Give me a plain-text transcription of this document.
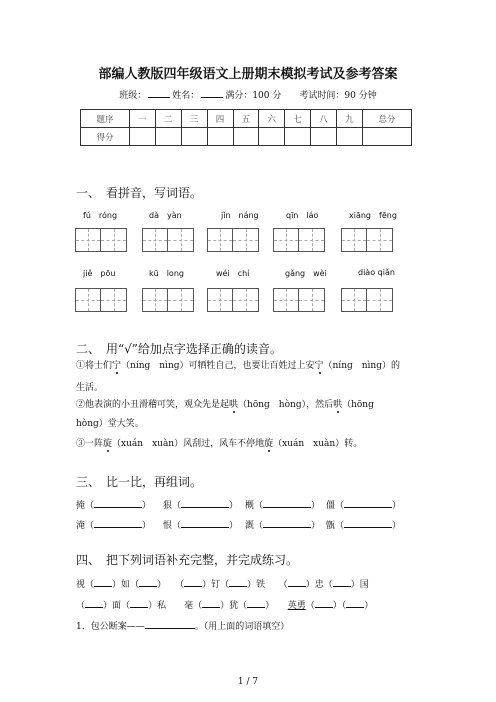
部编人教版四年级语文上册期末模拟考试及参考答案
班级：	姓名：	满分：100 分　　 考试时间：90 分钟
题序	一	二	三	四	五	六	七	八	九	总分
得分										
一、　看拼音，写词语。
fú　róng	dà　yàn	jǐn　náng	qīn　láo	xiāng　fēng
jiě　pōu	kū　long	wéi　chí	gǎng　wèi	diào qiǎn
二、　用“√”给加点字选择正确的读音。
①将士们宁（níng　nìng）可牺牲自己，也要让百姓过上安宁（níng　nìng）的
生活。
②他表演的小丑滑稽可笑，观众先是起哄（hōng　hòng），然后哄（hōng
hòng）堂大笑。
③一阵旋（xuán　xuàn）风刮过，风车不停地旋（xuán　xuàn）转。
三、　比一比，再组词。
掩（	） 狠（	） 概（	） 僵（	）
淹（	） 恨（	） 溉（	） 甑（	）
四、　把下列词语补充完整，并完成练习。
视（ ）如（ ）　　（ ）钉（ ）铁　　（ ）忠（ ）国
（ ）面（ ）私　　 毫（ ）犹（ ）　　英勇（ ）（ ）
1．包公断案——	。（用上面的词语填空）
1 / 7
